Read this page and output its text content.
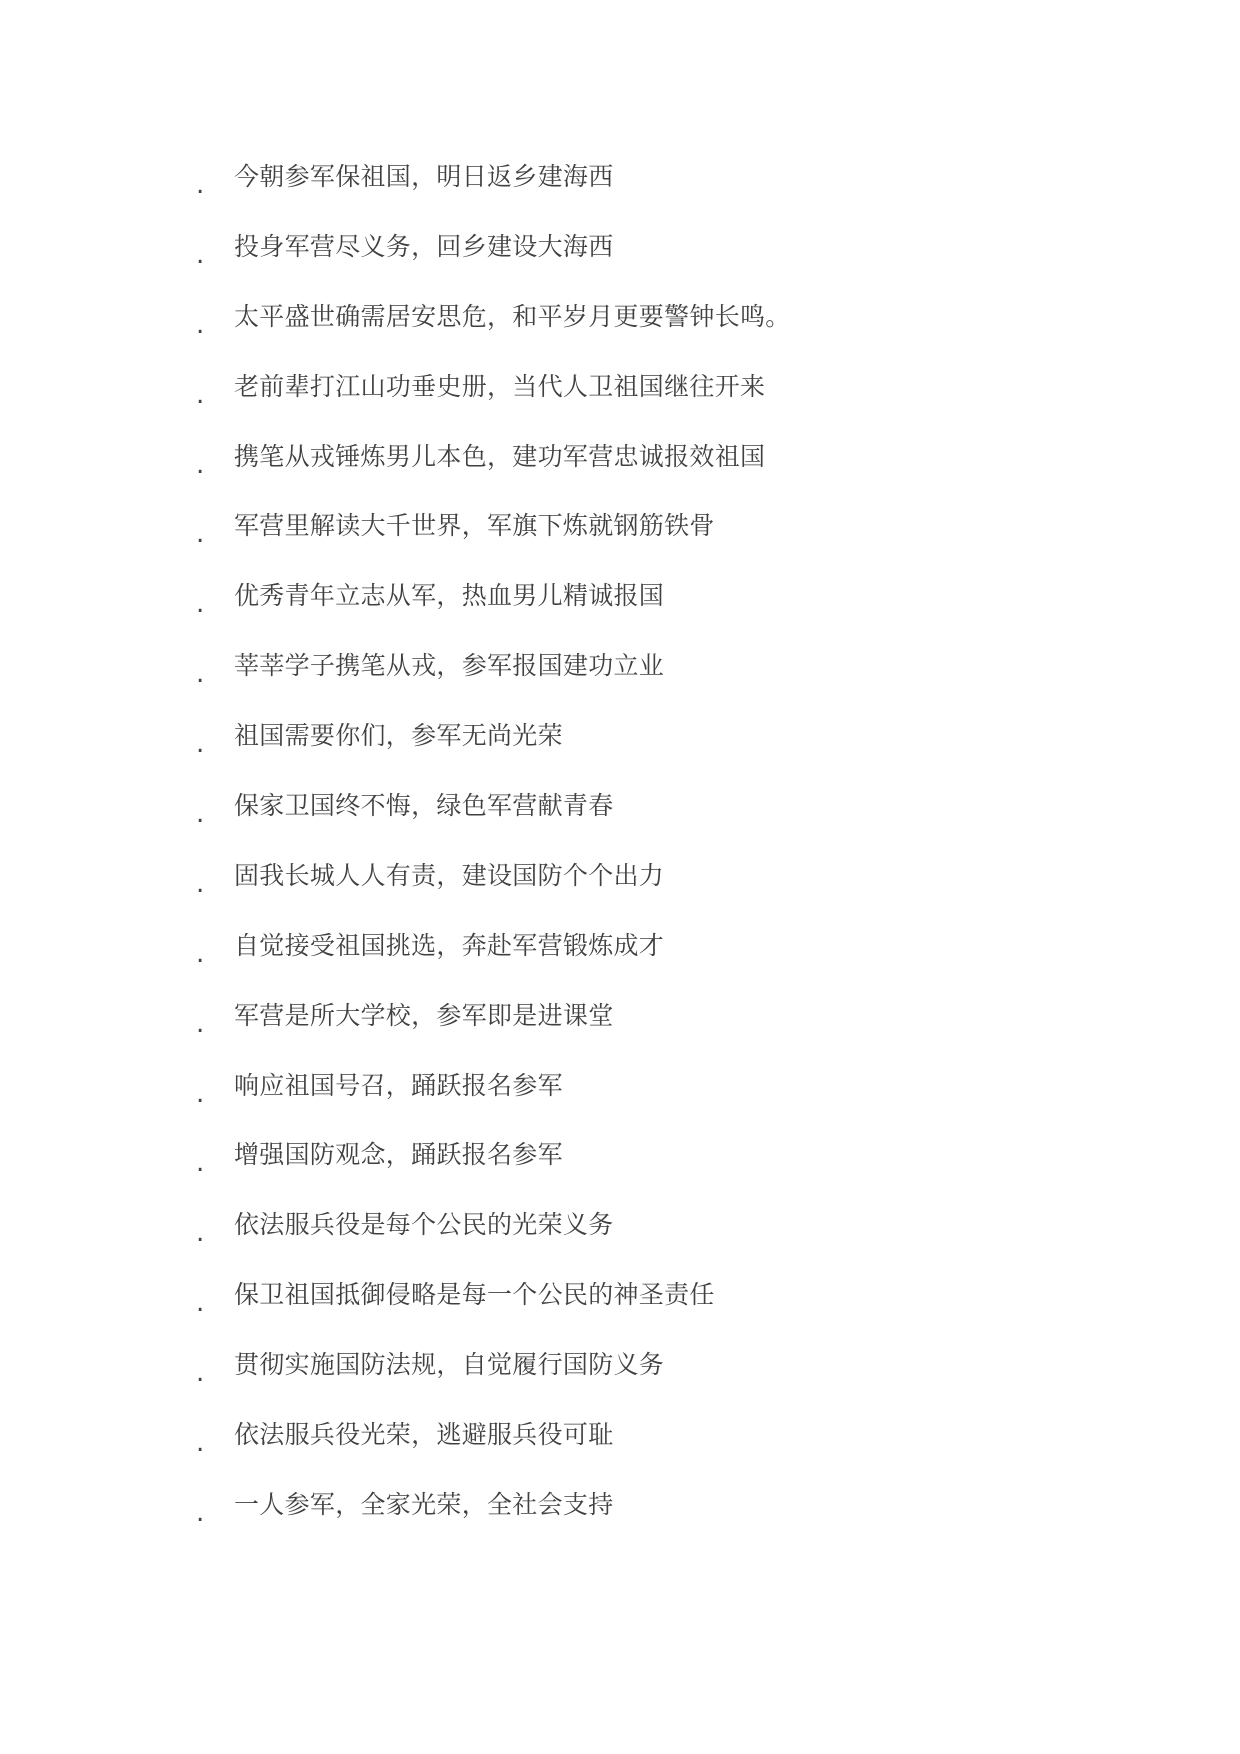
. 今朝参军保祖国，明日返乡建海西
. 投身军营尽义务，回乡建设大海西
. 太平盛世确需居安思危，和平岁月更要警钟长鸣。
. 老前辈打江山功垂史册，当代人卫祖国继往开来
. 携笔从戎锤炼男儿本色，建功军营忠诚报效祖国
. 军营里解读大千世界，军旗下炼就钢筋铁骨
. 优秀青年立志从军，热血男儿精诚报国
. 莘莘学子携笔从戎，参军报国建功立业
. 祖国需要你们，参军无尚光荣
. 保家卫国终不悔，绿色军营献青春
. 固我长城人人有责，建设国防个个出力
. 自觉接受祖国挑选，奔赴军营锻炼成才
. 军营是所大学校，参军即是进课堂
. 响应祖国号召，踊跃报名参军
. 增强国防观念，踊跃报名参军
. 依法服兵役是每个公民的光荣义务
. 保卫祖国抵御侵略是每一个公民的神圣责任
. 贯彻实施国防法规，自觉履行国防义务
. 依法服兵役光荣，逃避服兵役可耻
. 一人参军，全家光荣，全社会支持
